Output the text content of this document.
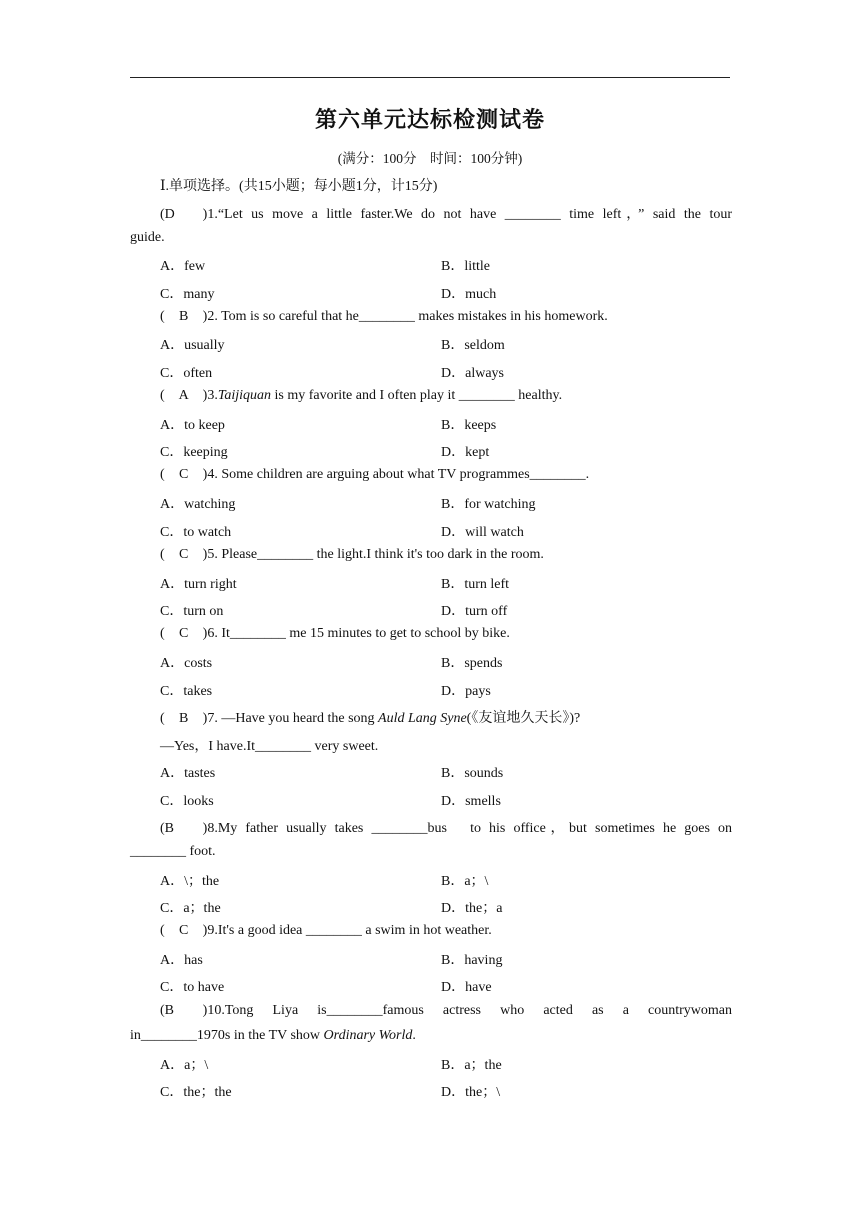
第六单元达标检测试卷
(满分：100分　时间：100分钟)
Ⅰ.单项选择。(共15小题；每小题1分，计15分)
(D )1.“Let us move a little faster.We do not have ________ time left，” said the tour
guide.
A．few	B．little
C．many	D．much
( B )2. Tom is so careful that he________ makes mistakes in his homework.
A．usually	B．seldom
C．often	D．always
( A )3.Taijiquan is my favorite and I often play it ________ healthy.
A．to keep	B．keeps
C．keeping	D．kept
( C )4. Some children are arguing about what TV programmes________.
A．watching	B．for watching
C．to watch	D．will watch
( C )5. Please________ the light.I think it's too dark in the room.
A．turn right	B．turn left
C．turn on	D．turn off
( C )6. It________ me 15 minutes to get to school by bike.
A．costs	B．spends
C．takes	D．pays
( B )7. —Have you heard the song Auld Lang Syne(《友谊地久天长》)?
—Yes，I have.It________ very sweet.
A．tastes	B．sounds
C．looks	D．smells
(B )8.My father usually takes ________bus　to his office，but sometimes he goes on
________ foot.
A．\；the	B．a；\
C．a；the	D．the；a
( C )9.It's a good idea ________ a swim in hot weather.
A．has	B．having
C．to have	D．have
(B )10.Tong Liya is________famous actress who acted as a countrywoman
in________1970s in the TV show Ordinary World.
A．a；\	B．a；the
C．the；the	D．the；\
